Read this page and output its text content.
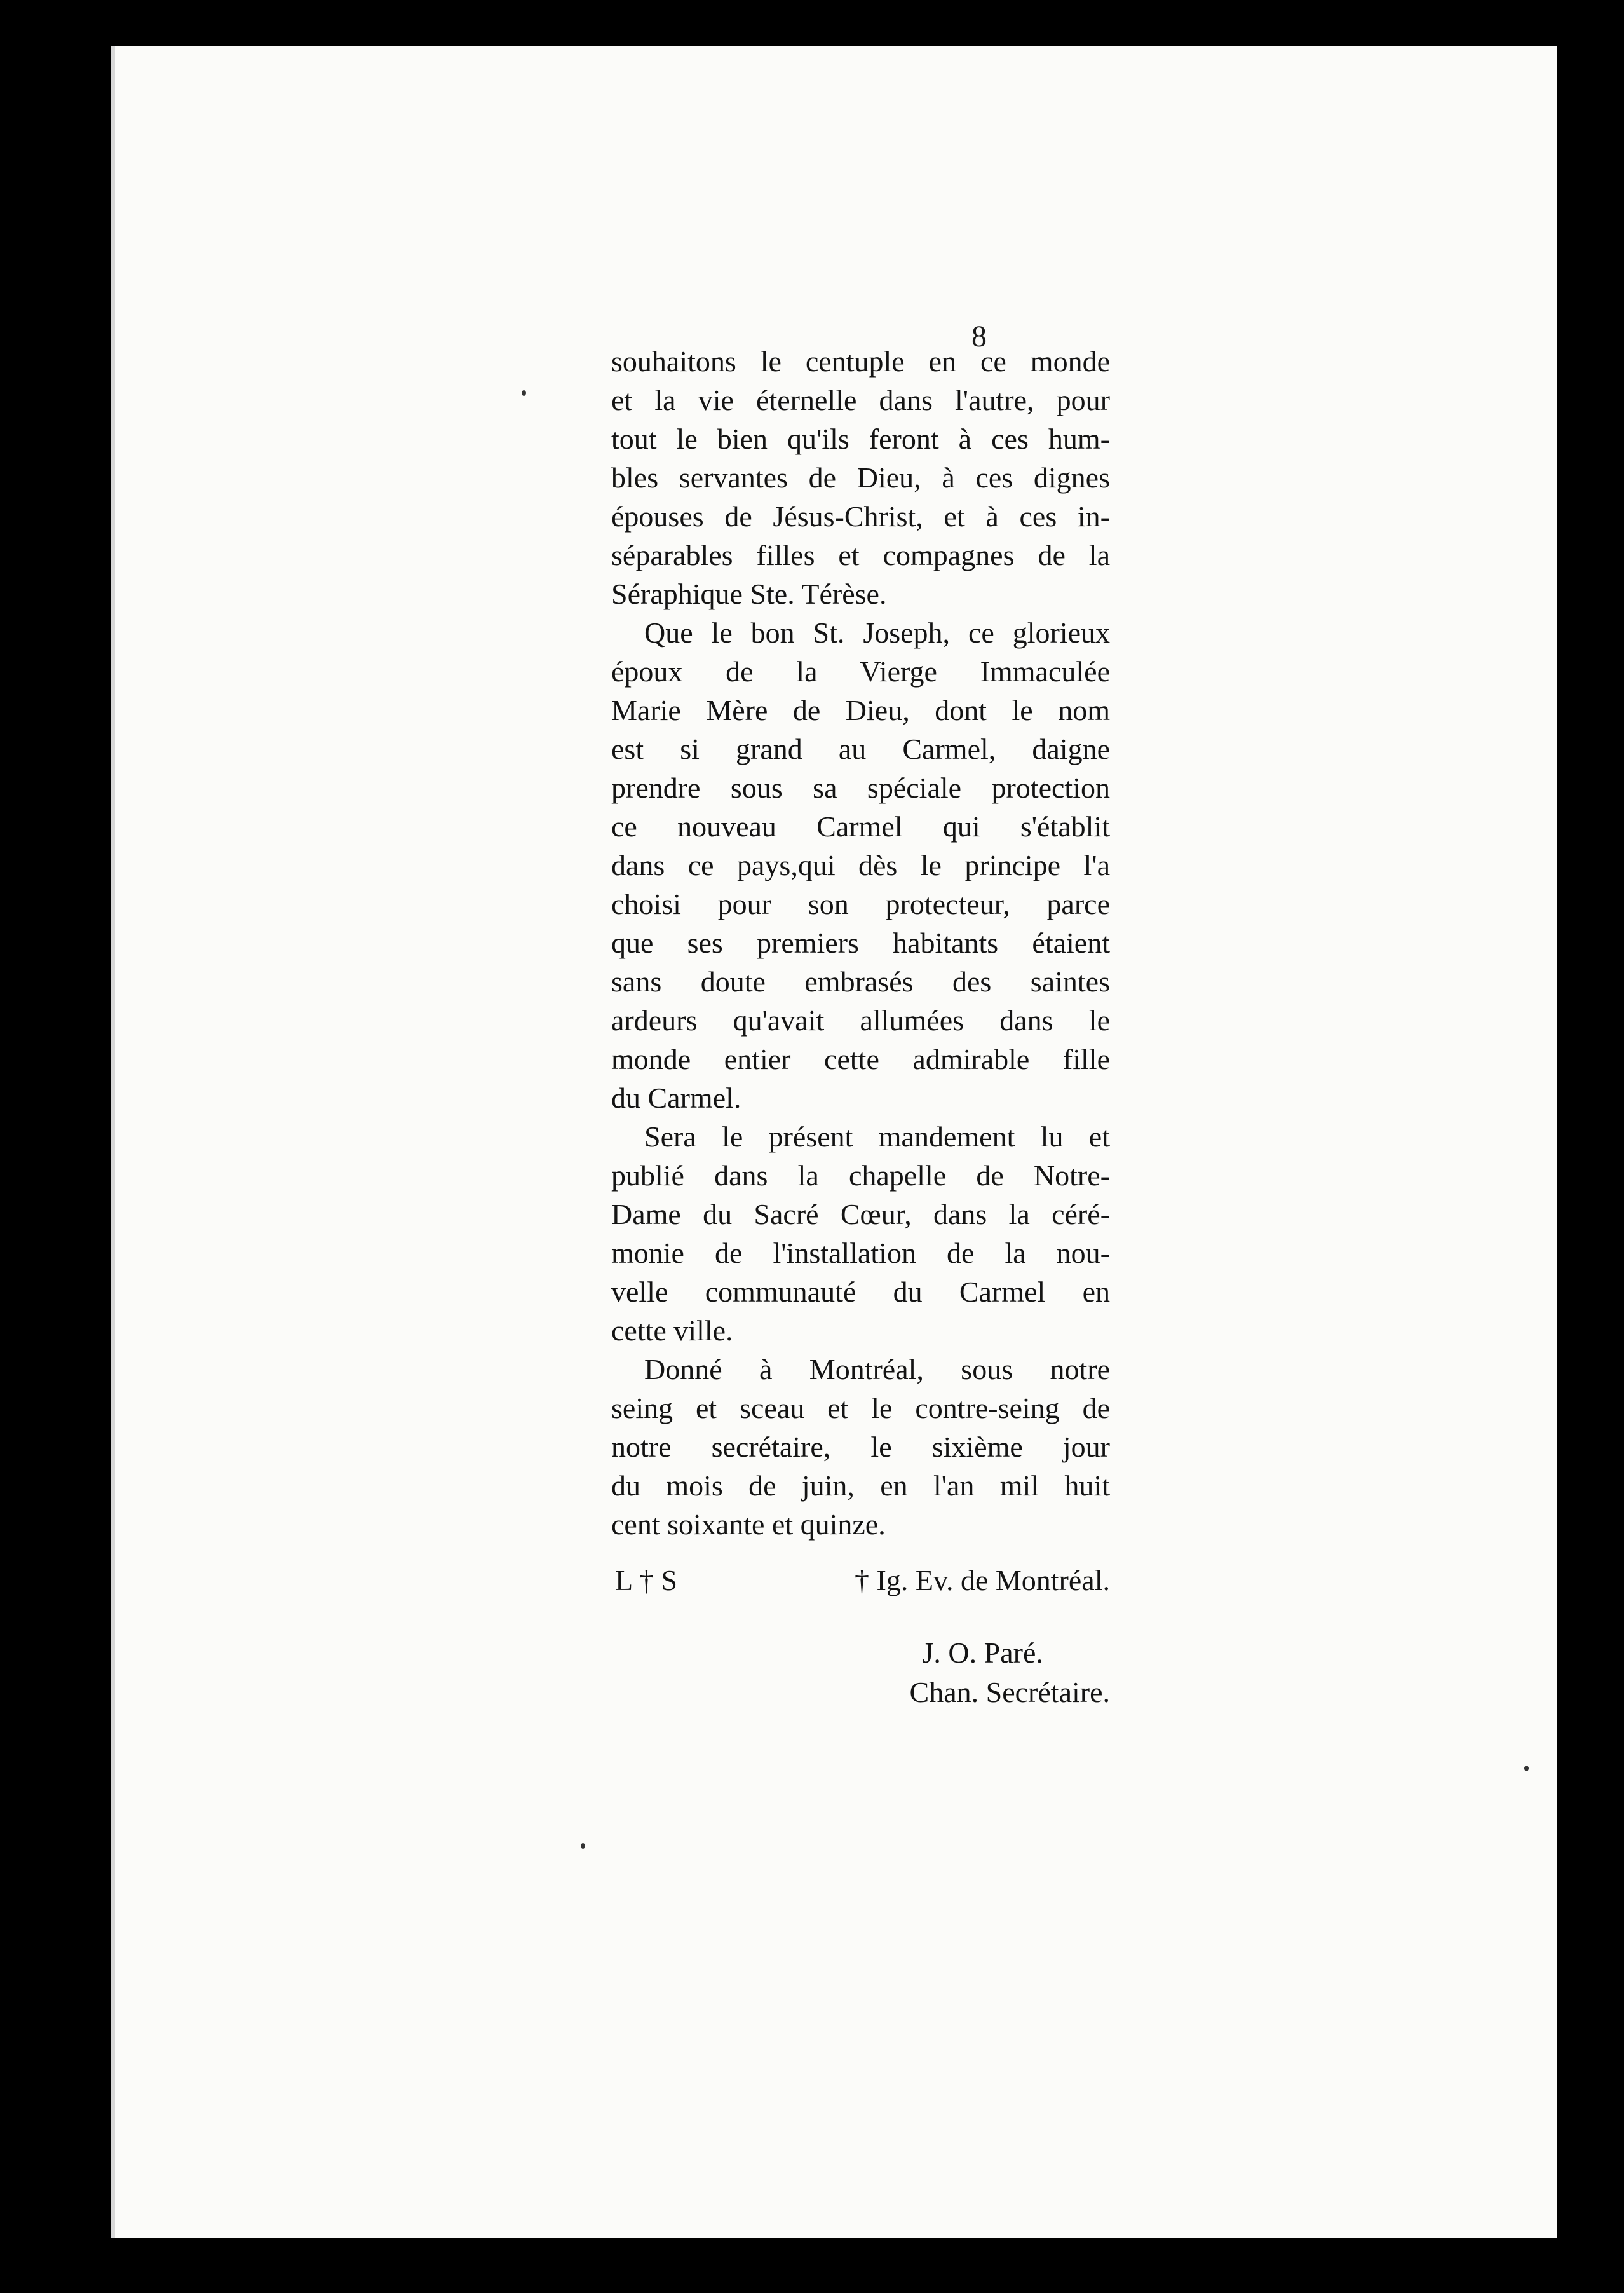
8
souhaitons le centuple en ce monde
et la vie éternelle dans l'autre, pour
tout le bien qu'ils feront à ces hum-
bles servantes de Dieu, à ces dignes
épouses de Jésus-Christ, et à ces in-
séparables filles et compagnes de la
Séraphique Ste. Térèse.
Que le bon St. Joseph, ce glorieux
époux de la Vierge Immaculée
Marie Mère de Dieu, dont le nom
est si grand au Carmel, daigne
prendre sous sa spéciale protection
ce nouveau Carmel qui s'établit
dans ce pays,qui dès le principe l'a
choisi pour son protecteur, parce
que ses premiers habitants étaient
sans doute embrasés des saintes
ardeurs qu'avait allumées dans le
monde entier cette admirable fille
du Carmel.
Sera le présent mandement lu et
publié dans la chapelle de Notre-
Dame du Sacré Cœur, dans la céré-
monie de l'installation de la nou-
velle communauté du Carmel en
cette ville.
Donné à Montréal, sous notre
seing et sceau et le contre-seing de
notre secrétaire, le sixième jour
du mois de juin, en l'an mil huit
cent soixante et quinze.
L † S	† Ig. Ev. de Montréal.
J. O. Paré.
Chan. Secrétaire.
